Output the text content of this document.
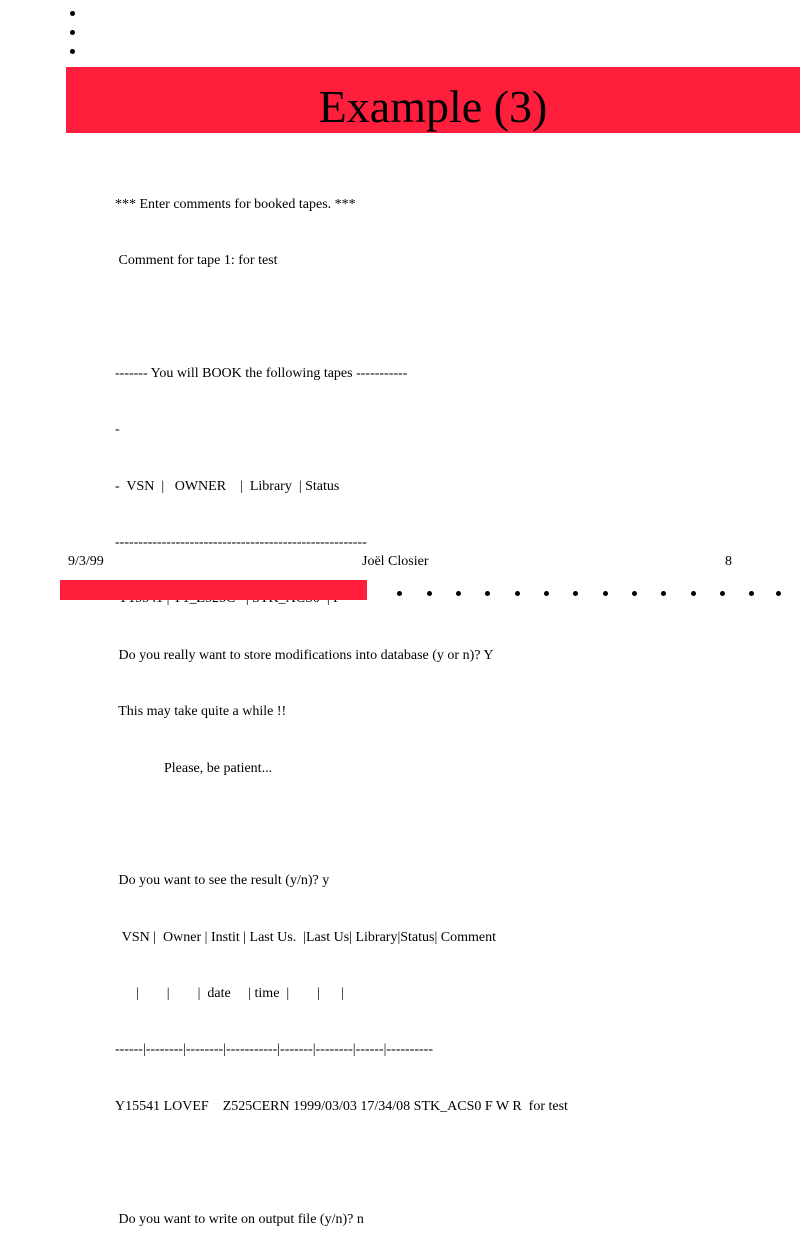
Example (3)

*** Enter comments for booked tapes. ***

Comment for tape 1: for test

------- You will BOOK the following tapes -----------

-

-  VSN  |   OWNER    |  Library  | Status

------------------------------------------------------

Do you really want to store modifications into database (y or n)? Y

This may take quite a while !!

Please, be patient...

Do you want to see the result (y/n)? y

VSN |  Owner | Instit | Last Us.  |Last Us| Library|Status| Comment

|        |        |  date     | time  |        |      |

------|--------|--------|-----------|-------|--------|------|----------

Y15541 LOVEF    Z525CERN 1999/03/03 17/34/08 STK_ACS0 F W R  for test

Do you want to write on output file (y/n)? n

9/3/99	Joël Closier	8
